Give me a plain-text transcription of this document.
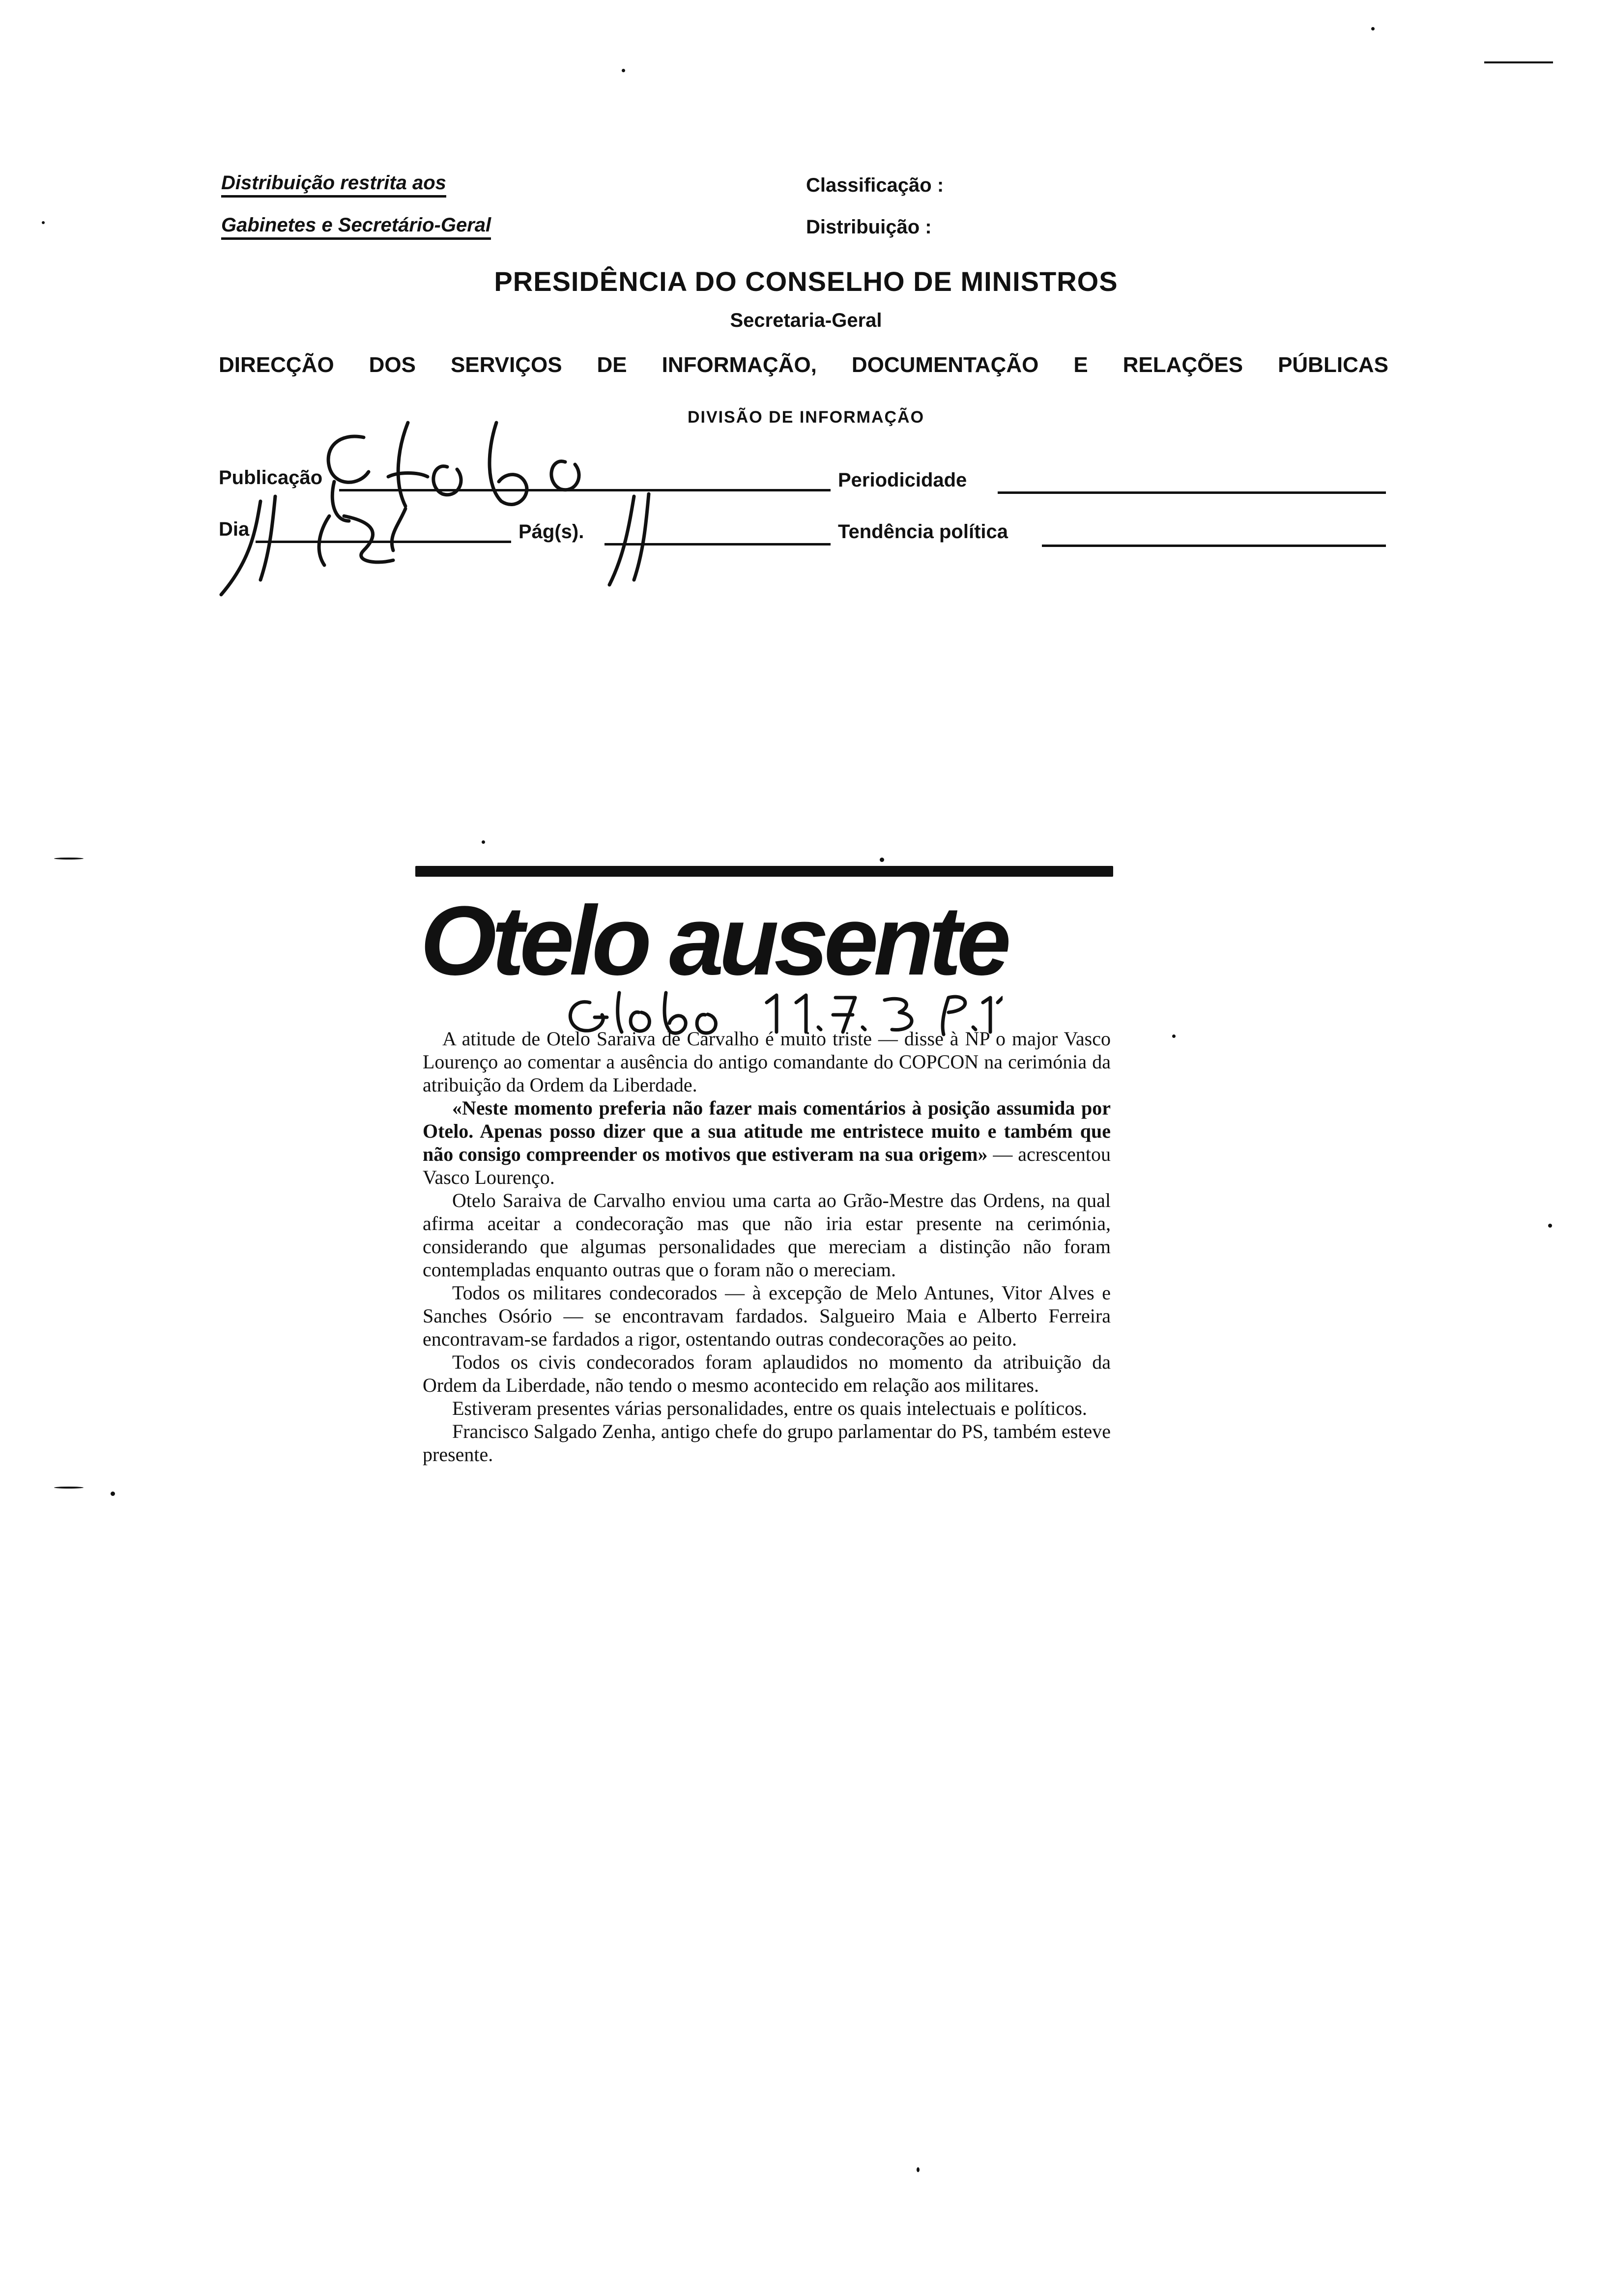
Distribuição restrita aos
Gabinetes e Secretário-Geral
Classificação :
Distribuição :
PRESIDÊNCIA DO CONSELHO DE MINISTROS
Secretaria-Geral
DIRECÇÃO DOS SERVIÇOS DE INFORMAÇÃO, DOCUMENTAÇÃO E RELAÇÕES PÚBLICAS
DIVISÃO DE INFORMAÇÃO
Publicação	Periodicidade
Dia	Pág(s).	Tendência política
Otelo ausente

A atitude de Otelo Saraiva de Carvalho é muito triste — disse à NP o major Vasco Lourenço ao comentar a ausência do antigo comandante do COPCON na cerimónia da atribuição da Ordem da Liberdade.

«Neste momento preferia não fazer mais comentários à posição assumida por Otelo. Apenas posso dizer que a sua atitude me entristece muito e também que não consigo compreender os motivos que estiveram na sua origem» — acrescentou Vasco Lourenço.

Otelo Saraiva de Carvalho enviou uma carta ao Grão-Mestre das Ordens, na qual afirma aceitar a condecoração mas que não iria estar presente na cerimónia, considerando que algumas personalidades que mereciam a distinção não foram contempladas enquanto outras que o foram não o mereciam.

Todos os militares condecorados — à excepção de Melo Antunes, Vitor Alves e Sanches Osório — se encontravam fardados. Salgueiro Maia e Alberto Ferreira encontravam-se fardados a rigor, ostentando outras condecorações ao peito.

Todos os civis condecorados foram aplaudidos no momento da atribuição da Ordem da Liberdade, não tendo o mesmo acontecido em relação aos militares.

Estiveram presentes várias personalidades, entre os quais intelectuais e políticos.

Francisco Salgado Zenha, antigo chefe do grupo parlamentar do PS, também esteve presente.
